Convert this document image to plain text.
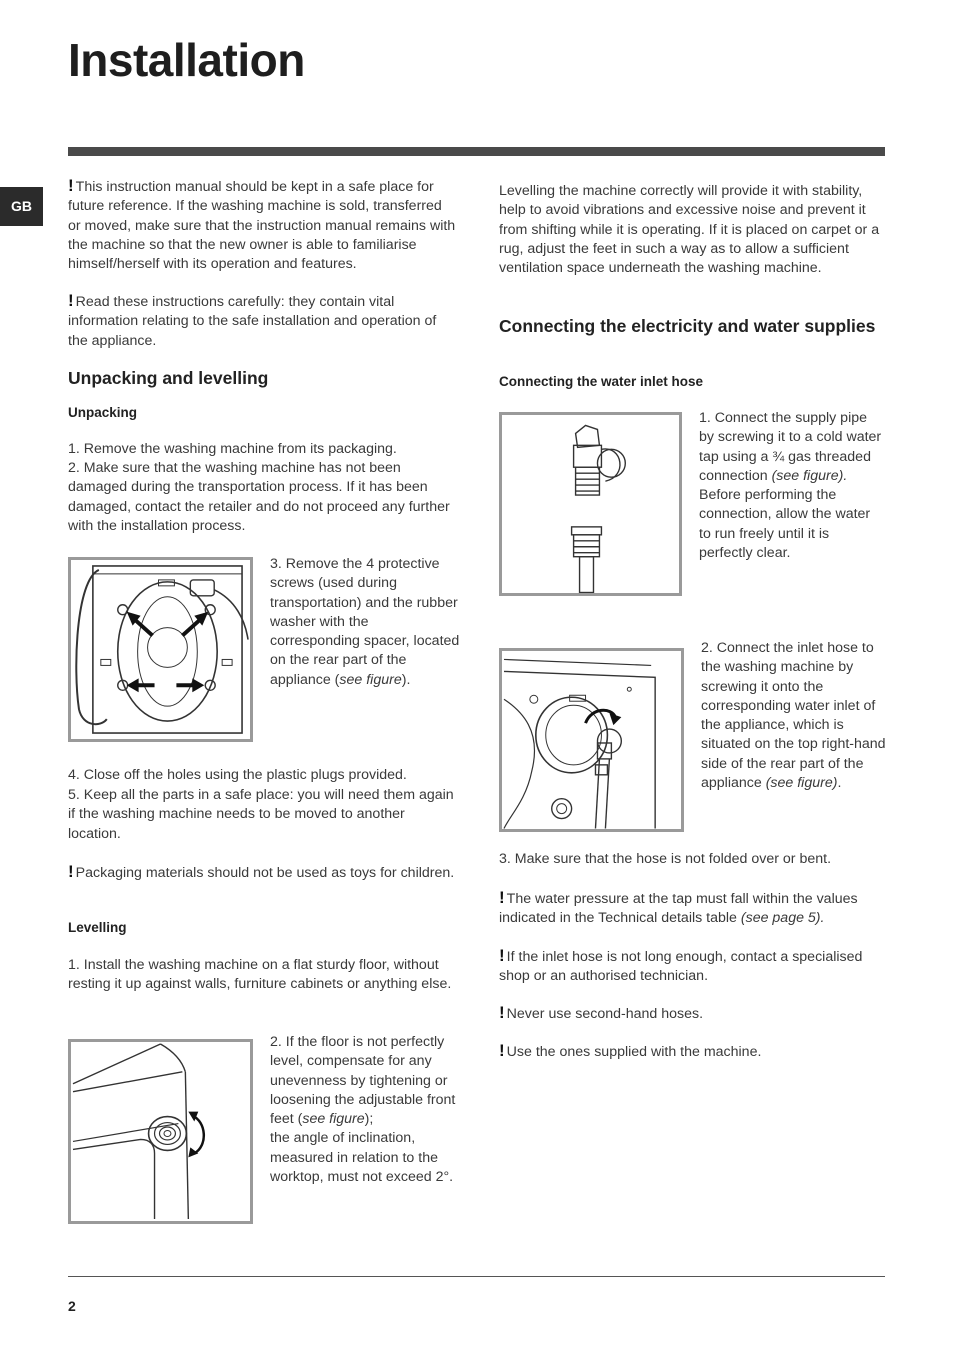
Installation
GB

! This instruction manual should be kept in a safe place for future reference. If the washing machine is sold, transferred or moved, make sure that the instruction manual remains with the machine so that the new owner is able to familiarise himself/herself with its operation and features.

! Read these instructions carefully: they contain vital information relating to the safe installation and operation of the appliance.

Unpacking and levelling
Unpacking

1. Remove the washing machine from its packaging.

2. Make sure that the washing machine has not been damaged during the transportation process. If it has been damaged, contact the retailer and do not proceed any further with the installation process.

3. Remove the 4 protective screws (used during transportation) and the rubber washer with the corresponding spacer, located on the rear part of the appliance (see figure).

4. Close off the holes using the plastic plugs provided.

5. Keep all the parts in a safe place: you will need them again if the washing machine needs to be moved to another location.

! Packaging materials should not be used as toys for children.

Levelling

1. Install the washing machine on a flat sturdy floor, without resting it up against walls, furniture cabinets or anything else.

2. If the floor is not perfectly level, compensate for any unevenness by tightening or loosening the adjustable front feet (see figure);
the angle of inclination, measured in relation to the worktop, must not exceed 2°.

Levelling the machine correctly will provide it with stability, help to avoid vibrations and excessive noise and prevent it from shifting while it is operating. If it is placed on carpet or a rug, adjust the feet in such a way as to allow a sufficient ventilation space underneath the washing machine.

Connecting the electricity and water supplies
Connecting the water inlet hose

1. Connect the supply pipe by screwing it to a cold water tap using a ¾ gas threaded connection (see figure).
Before performing the connection, allow the water to run freely until it is perfectly clear.

2. Connect the inlet hose to the washing machine by screwing it onto the corresponding water inlet of the appliance, which is situated on the top right-hand side of the rear part of the appliance (see figure).

3. Make sure that the hose is not folded over or bent.

! The water pressure at the tap must fall within the values indicated in the Technical details table (see page 5).

! If the inlet hose is not long enough, contact a specialised shop or an authorised technician.

! Never use second-hand hoses.

! Use the ones supplied with the machine.

2
